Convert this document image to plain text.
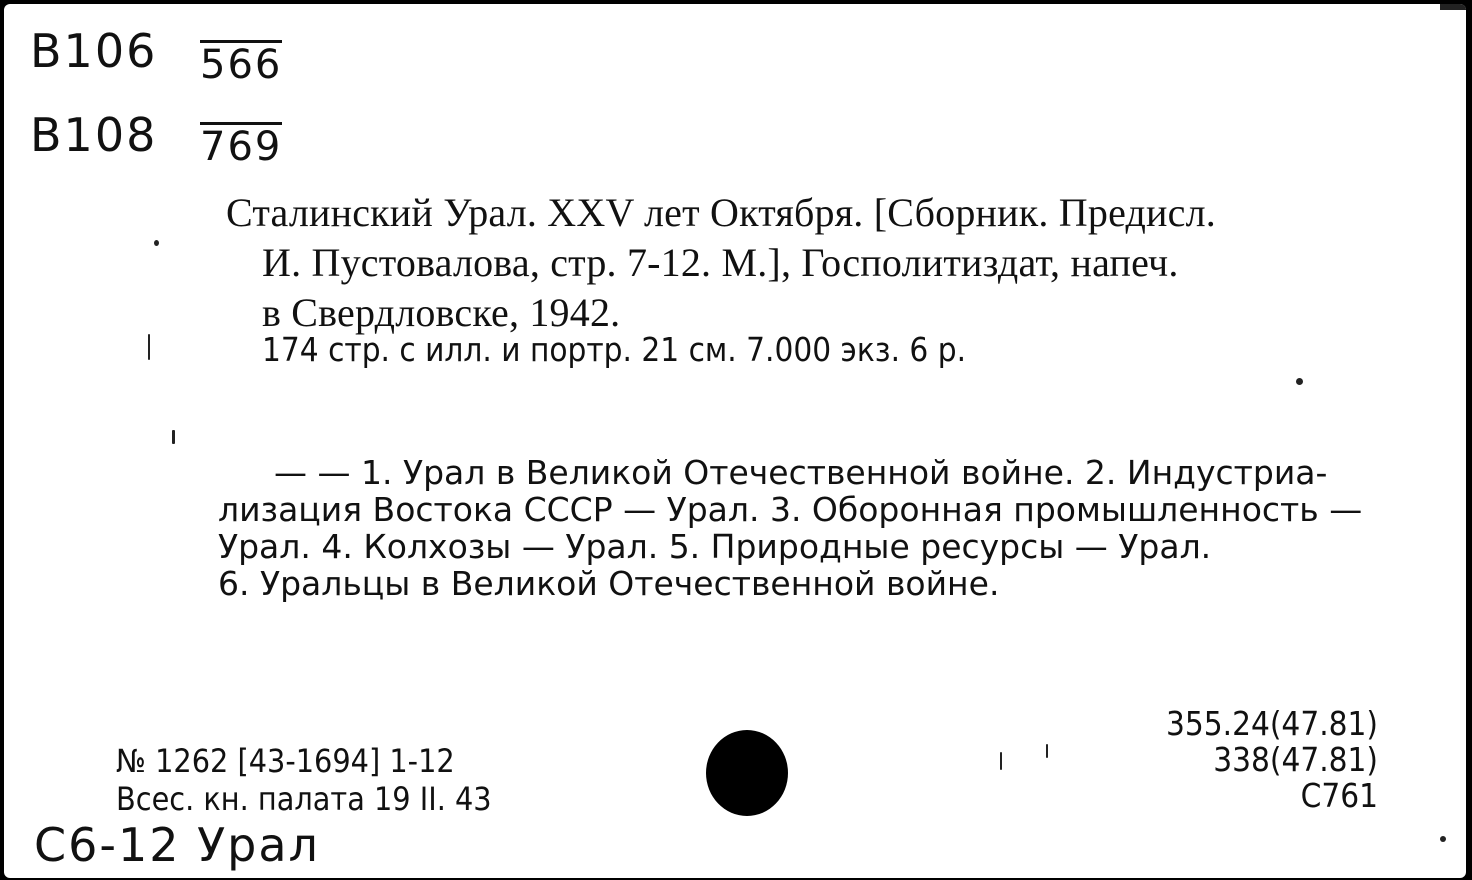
B106 566
B108 769
Сталинский Урал. XXV лет Октября. [Сборник. Предисл.
И. Пустовалова, стр. 7-12. М.], Госполитиздат, напеч.
в Свердловске, 1942.
174 стр. с илл. и портр. 21 см. 7.000 экз. 6 р.
— — 1. Урал в Великой Отечественной войне. 2. Индустриа-
лизация Востока СССР — Урал. 3. Оборонная промышленность —
Урал. 4. Колхозы — Урал. 5. Природные ресурсы — Урал.
6. Уральцы в Великой Отечественной войне.
№ 1262 [43-1694] 1-12
Всес. кн. палата 19 II. 43
355.24(47.81)
338(47.81)
С761
C6-12 Урал
